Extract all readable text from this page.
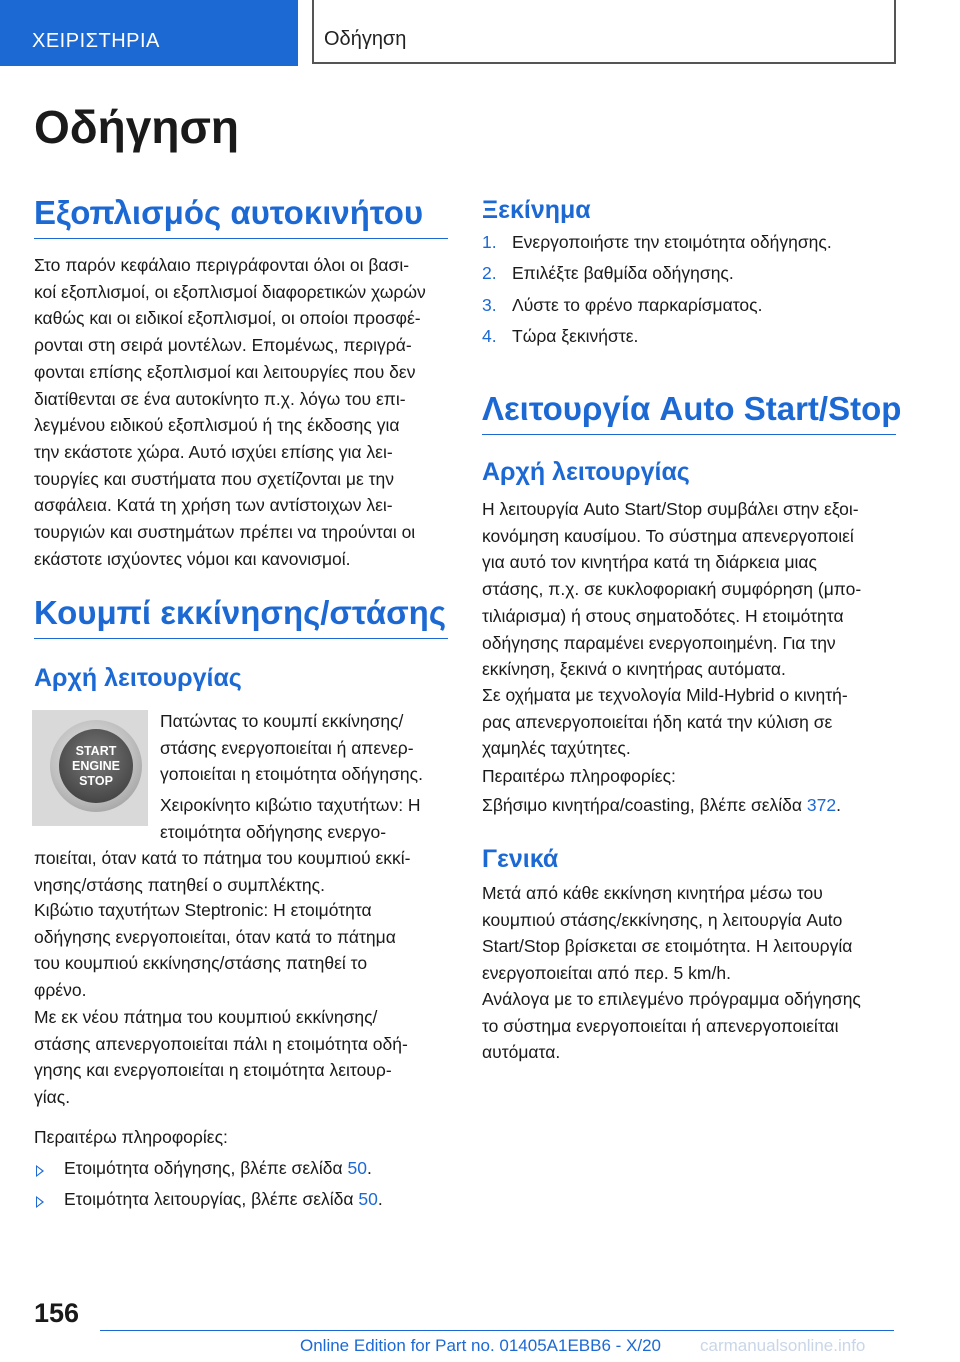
ΧΕΙΡΙΣΤΗΡΙΑ	Οδήγηση
Οδήγηση
Εξοπλισμός αυτοκινήτου

Στο παρόν κεφάλαιο περιγράφονται όλοι οι βασι-
κοί εξοπλισμοί, οι εξοπλισμοί διαφορετικών χωρών
καθώς και οι ειδικοί εξοπλισμοί, οι οποίοι προσφέ-
ρονται στη σειρά μοντέλων. Επομένως, περιγρά-
φονται επίσης εξοπλισμοί και λειτουργίες που δεν
διατίθενται σε ένα αυτοκίνητο π.χ. λόγω του επι-
λεγμένου ειδικού εξοπλισμού ή της έκδοσης για
την εκάστοτε χώρα. Αυτό ισχύει επίσης για λει-
τουργίες και συστήματα που σχετίζονται με την
ασφάλεια. Κατά τη χρήση των αντίστοιχων λει-
τουργιών και συστημάτων πρέπει να τηρούνται οι
εκάστοτε ισχύοντες νόμοι και κανονισμοί.

Κουμπί εκκίνησης/στάσης
Αρχή λειτουργίας
START
ENGINE
STOP

Πατώντας το κουμπί εκκίνησης/
στάσης ενεργοποιείται ή απενερ-
γοποιείται η ετοιμότητα οδήγησης.

Χειροκίνητο κιβώτιο ταχυτήτων: Η
ετοιμότητα οδήγησης ενεργο-

ποιείται, όταν κατά το πάτημα του κουμπιού εκκί-
νησης/στάσης πατηθεί ο συμπλέκτης.

Κιβώτιο ταχυτήτων Steptronic: Η ετοιμότητα
οδήγησης ενεργοποιείται, όταν κατά το πάτημα
του κουμπιού εκκίνησης/στάσης πατηθεί το
φρένο.

Με εκ νέου πάτημα του κουμπιού εκκίνησης/
στάσης απενεργοποιείται πάλι η ετοιμότητα οδή-
γησης και ενεργοποιείται η ετοιμότητα λειτουρ-
γίας.

Περαιτέρω πληροφορίες:

Ετοιμότητα οδήγησης, βλέπε σελίδα 50.
Ετοιμότητα λειτουργίας, βλέπε σελίδα 50.
Ξεκίνημα
1. Ενεργοποιήστε την ετοιμότητα οδήγησης.
2. Επιλέξτε βαθμίδα οδήγησης.
3. Λύστε το φρένο παρκαρίσματος.
4. Τώρα ξεκινήστε.
Λειτουργία Auto Start/Stop
Αρχή λειτουργίας

Η λειτουργία Auto Start/Stop συμβάλει στην εξοι-
κονόμηση καυσίμου. Το σύστημα απενεργοποιεί
για αυτό τον κινητήρα κατά τη διάρκεια μιας
στάσης, π.χ. σε κυκλοφοριακή συμφόρηση (μπο-
τιλιάρισμα) ή στους σηματοδότες. Η ετοιμότητα
οδήγησης παραμένει ενεργοποιημένη. Για την
εκκίνηση, ξεκινά ο κινητήρας αυτόματα.

Σε οχήματα με τεχνολογία Mild-Hybrid ο κινητή-
ρας απενεργοποιείται ήδη κατά την κύλιση σε
χαμηλές ταχύτητες.

Περαιτέρω πληροφορίες:

Σβήσιμο κινητήρα/coasting, βλέπε σελίδα 372.

Γενικά

Μετά από κάθε εκκίνηση κινητήρα μέσω του
κουμπιού στάσης/εκκίνησης, η λειτουργία Auto
Start/Stop βρίσκεται σε ετοιμότητα. Η λειτουργία
ενεργοποιείται από περ. 5 km/h.

Ανάλογα με το επιλεγμένο πρόγραμμα οδήγησης
το σύστημα ενεργοποιείται ή απενεργοποιείται
αυτόματα.

156
Online Edition for Part no. 01405A1EBB6 - X/20 carmanualsonline.info
